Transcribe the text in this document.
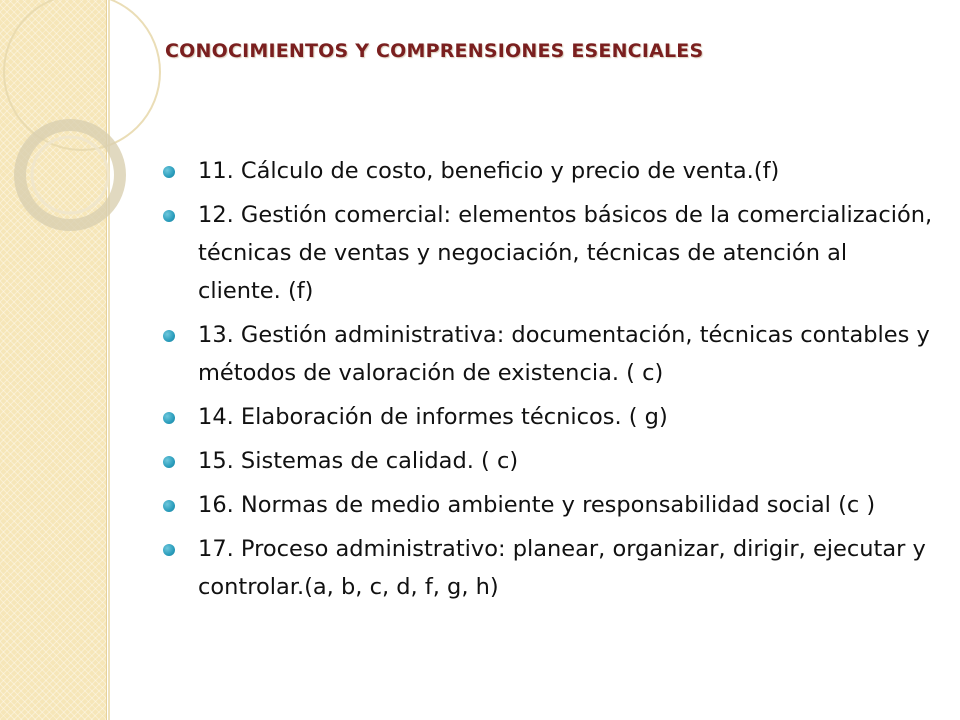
CONOCIMIENTOS Y COMPRENSIONES ESENCIALES
11. Cálculo de costo, beneficio y precio de venta.(f)
12. Gestión comercial: elementos básicos de la comercialización, técnicas de ventas y negociación, técnicas de atención al cliente. (f)
13. Gestión administrativa: documentación, técnicas contables y métodos de valoración de existencia. ( c)
14. Elaboración de informes técnicos. ( g)
15. Sistemas de calidad. ( c)
16. Normas de medio ambiente y responsabilidad social (c )
17. Proceso administrativo: planear, organizar, dirigir, ejecutar y controlar.(a, b, c, d, f, g, h)
